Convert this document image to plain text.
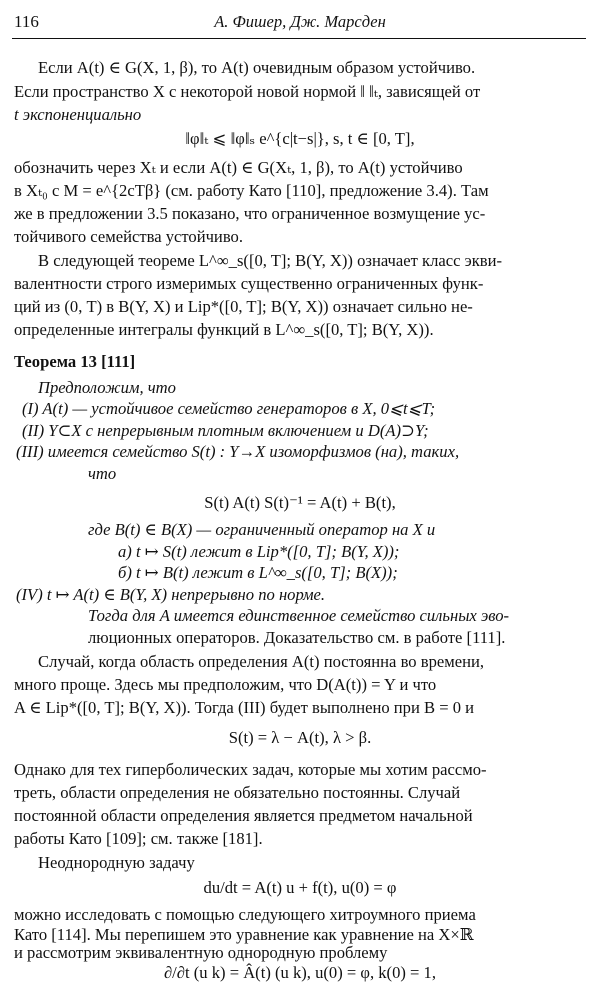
116	А. Фишер, Дж. Марсден
Если A(t) ∈ G(X, 1, β), то A(t) очевидным образом устойчиво.
Если пространство X с некоторой новой нормой ‖ ‖ₜ, зависящей от
t экспоненциально
‖φ‖ₜ ⩽ ‖φ‖ₛ e^{c|t−s|}, s, t ∈ [0, T],
обозначить через Xₜ и если A(t) ∈ G(Xₜ, 1, β), то A(t) устойчиво
в Xₜ₀ с M = e^{2cTβ} (см. работу Като [110], предложение 3.4). Там
же в предложении 3.5 показано, что ограниченное возмущение ус-
тойчивого семейства устойчиво.
В следующей теореме L^∞_s([0, T]; B(Y, X)) означает класс экви-
валентности строго измеримых существенно ограниченных функ-
ций из (0, T) в B(Y, X) и Lip*([0, T]; B(Y, X)) означает сильно не-
определенные интегралы функций в L^∞_s([0, T]; B(Y, X)).
Теорема 13 [111]
Предположим, что
(I) A(t) — устойчивое семейство генераторов в X, 0⩽t⩽T;
(II) Y⊂X с непрерывным плотным включением и D(A)⊃Y;
(III) имеется семейство S(t) : Y→X изоморфизмов (на), таких,
что
S(t) A(t) S(t)⁻¹ = A(t) + B(t),
где B(t) ∈ B(X) — ограниченный оператор на X и
а) t ↦ S(t) лежит в Lip*([0, T]; B(Y, X));
б) t ↦ B(t) лежит в L^∞_s([0, T]; B(X));
(IV) t ↦ A(t) ∈ B(Y, X) непрерывно по норме.
Тогда для A имеется единственное семейство сильных эво-
люционных операторов. Доказательство см. в работе [111].
Случай, когда область определения A(t) постоянна во времени,
много проще. Здесь мы предположим, что D(A(t)) = Y и что
A ∈ Lip*([0, T]; B(Y, X)). Тогда (III) будет выполнено при B = 0 и
S(t) = λ − A(t), λ > β.
Однако для тех гиперболических задач, которые мы хотим рассмо-
треть, области определения не обязательно постоянны. Случай
постоянной области определения является предметом начальной
работы Като [109]; см. также [181].
Неоднородную задачу
du/dt = A(t) u + f(t), u(0) = φ
можно исследовать с помощью следующего хитроумного приема
Като [114]. Мы перепишем это уравнение как уравнение на X×ℝ
и рассмотрим эквивалентную однородную проблему
∂/∂t (u k) = Â(t) (u k), u(0) = φ, k(0) = 1,
